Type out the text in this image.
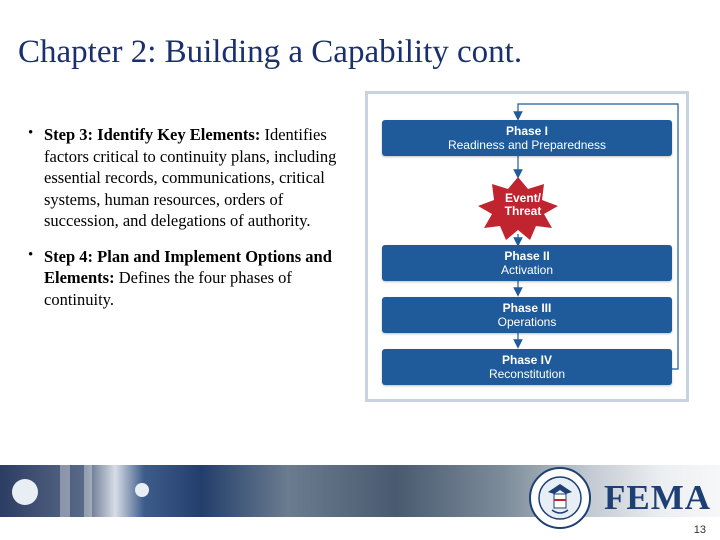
Chapter 2: Building a Capability cont.
• Step 3: Identify Key Elements: Identifies factors critical to continuity plans, including essential records, communications, critical systems, human resources, orders of succession, and delegations of authority.
• Step 4: Plan and Implement Options and Elements: Defines the four phases of continuity.
Phase I
Readiness and Preparedness
Event/
Threat
Phase II
Activation
Phase III
Operations
Phase IV
Reconstitution
FEMA
13
